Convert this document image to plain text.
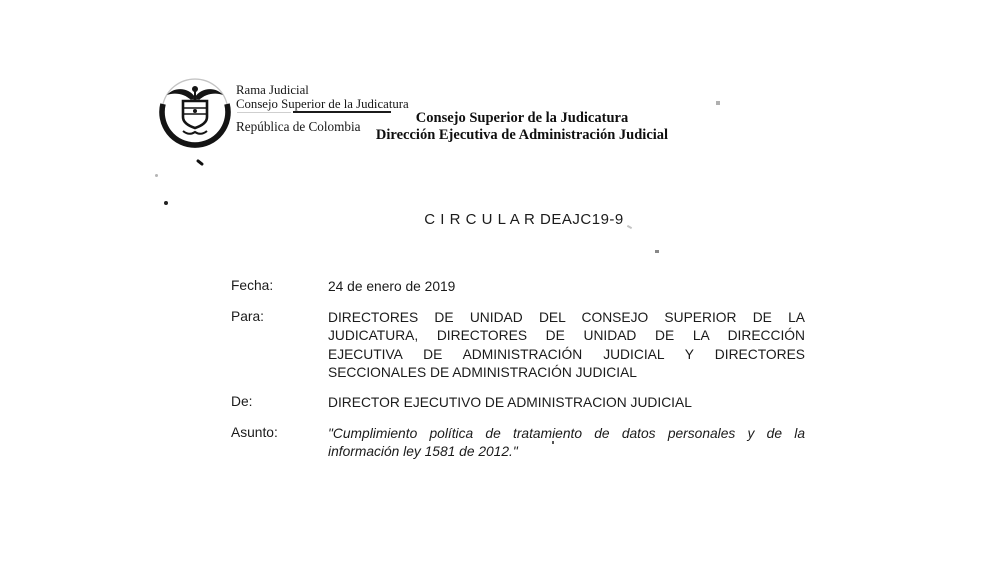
Rama Judicial
Consejo Superior de la Judicatura
República de Colombia
Consejo Superior de la Judicatura
Dirección Ejecutiva de Administración Judicial
C I R C U L A R DEAJC19-9
Fecha:	24 de enero de 2019
Para:	DIRECTORES DE UNIDAD DEL CONSEJO SUPERIOR DE LA
JUDICATURA, DIRECTORES DE UNIDAD DE LA DIRECCIÓN
EJECUTIVA DE ADMINISTRACIÓN JUDICIAL Y DIRECTORES
SECCIONALES DE ADMINISTRACIÓN JUDICIAL
De:	DIRECTOR EJECUTIVO DE ADMINISTRACION JUDICIAL
Asunto:	"Cumplimiento política de tratamiento de datos personales y de la
información ley 1581 de 2012."
